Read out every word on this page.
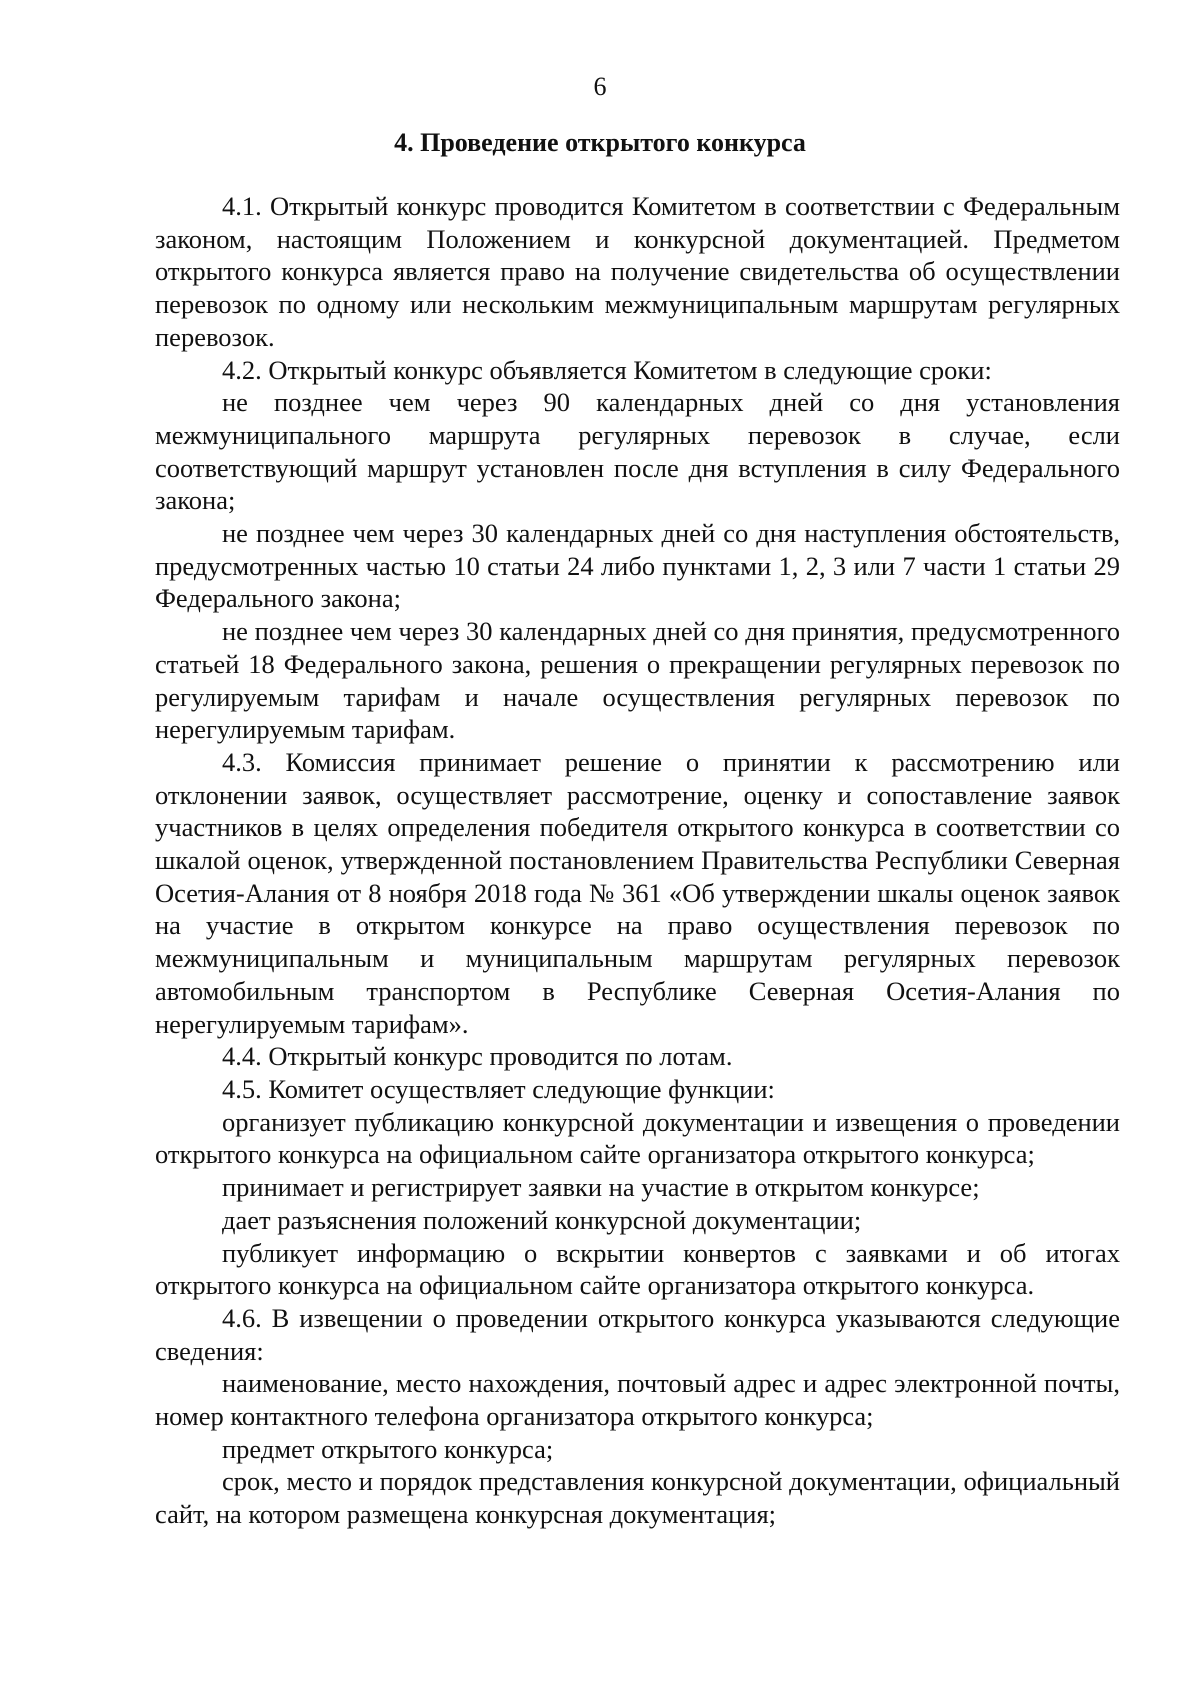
6
4. Проведение открытого конкурса

4.1. Открытый конкурс проводится Комитетом в соответствии с Федеральным законом, настоящим Положением и конкурсной документацией. Предметом открытого конкурса является право на получение свидетельства об осуществлении перевозок по одному или нескольким межмуниципальным маршрутам регулярных перевозок.

4.2. Открытый конкурс объявляется Комитетом в следующие сроки:

не позднее чем через 90 календарных дней со дня установления межмуниципального маршрута регулярных перевозок в случае, если соответствующий маршрут установлен после дня вступления в силу Федерального закона;

не позднее чем через 30 календарных дней со дня наступления обстоятельств, предусмотренных частью 10 статьи 24 либо пунктами 1, 2, 3 или 7 части 1 статьи 29 Федерального закона;

не позднее чем через 30 календарных дней со дня принятия, предусмотренного статьей 18 Федерального закона, решения о прекращении регулярных перевозок по регулируемым тарифам и начале осуществления регулярных перевозок по нерегулируемым тарифам.

4.3. Комиссия принимает решение о принятии к рассмотрению или отклонении заявок, осуществляет рассмотрение, оценку и сопоставление заявок участников в целях определения победителя открытого конкурса в соответствии со шкалой оценок, утвержденной постановлением Правительства Республики Северная Осетия-Алания от 8 ноября 2018 года № 361 «Об утверждении шкалы оценок заявок на участие в открытом конкурсе на право осуществления перевозок по межмуниципальным и муниципальным маршрутам регулярных перевозок автомобильным транспортом в Республике Северная Осетия-Алания по нерегулируемым тарифам».

4.4. Открытый конкурс проводится по лотам.

4.5. Комитет осуществляет следующие функции:

организует публикацию конкурсной документации и извещения о проведении открытого конкурса на официальном сайте организатора открытого конкурса;

принимает и регистрирует заявки на участие в открытом конкурсе;

дает разъяснения положений конкурсной документации;

публикует информацию о вскрытии конвертов с заявками и об итогах открытого конкурса на официальном сайте организатора открытого конкурса.

4.6. В извещении о проведении открытого конкурса указываются следующие сведения:

наименование, место нахождения, почтовый адрес и адрес электронной почты, номер контактного телефона организатора открытого конкурса;

предмет открытого конкурса;

срок, место и порядок представления конкурсной документации, официальный сайт, на котором размещена конкурсная документация;
